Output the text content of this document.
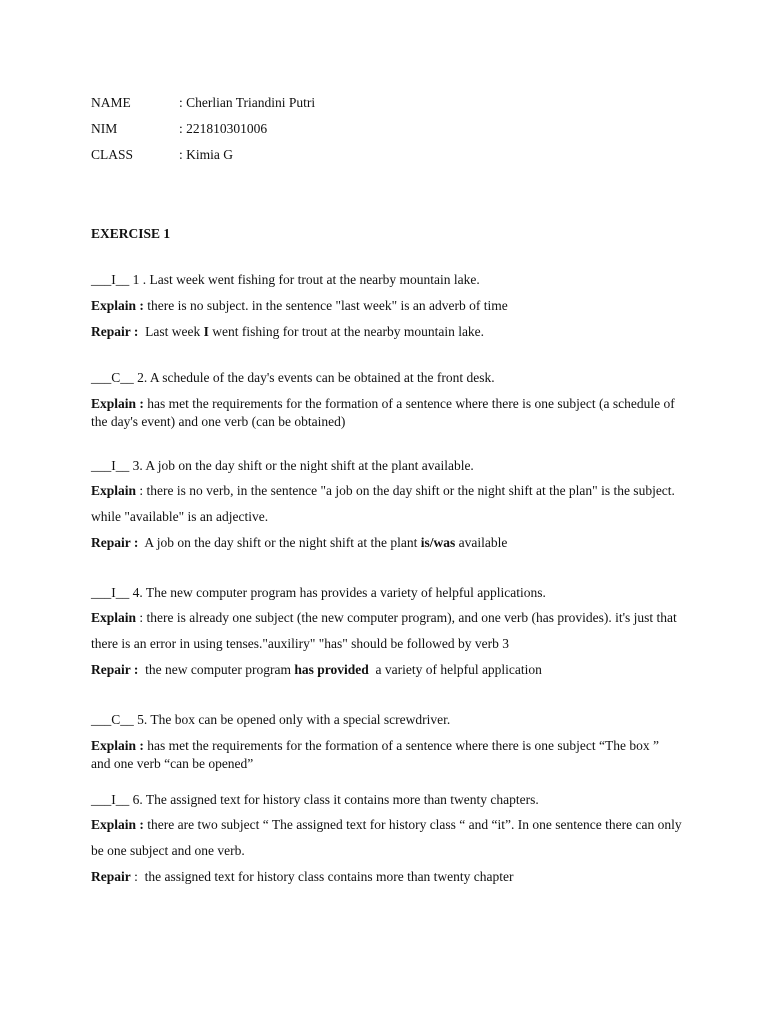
NAME	: Cherlian Triandini Putri
NIM	: 221810301006
CLASS	: Kimia G
EXERCISE 1
___I__ 1 . Last week went fishing for trout at the nearby mountain lake.
Explain : there is no subject. in the sentence "last week" is an adverb of time
Repair :  Last week I went fishing for trout at the nearby mountain lake.
___C__ 2. A schedule of the day's events can be obtained at the front desk.
Explain : has met the requirements for the formation of a sentence where there is one subject (a schedule of the day's event) and one verb (can be obtained)
___I__ 3. A job on the day shift or the night shift at the plant available.
Explain : there is no verb, in the sentence "a job on the day shift or the night shift at the plan" is the subject. while "available" is an adjective.
Repair :  A job on the day shift or the night shift at the plant is/was available
___I__ 4. The new computer program has provides a variety of helpful applications.
Explain : there is already one subject (the new computer program), and one verb (has provides). it's just that there is an error in using tenses."auxiliry" "has" should be followed by verb 3
Repair :  the new computer program has provided  a variety of helpful application
___C__ 5. The box can be opened only with a special screwdriver.
Explain : has met the requirements for the formation of a sentence where there is one subject “The box ” and one verb “can be opened”
___I__ 6. The assigned text for history class it contains more than twenty chapters.
Explain : there are two subject “ The assigned text for history class “ and “it”. In one sentence there can only be one subject and one verb.
Repair :  the assigned text for history class contains more than twenty chapter
